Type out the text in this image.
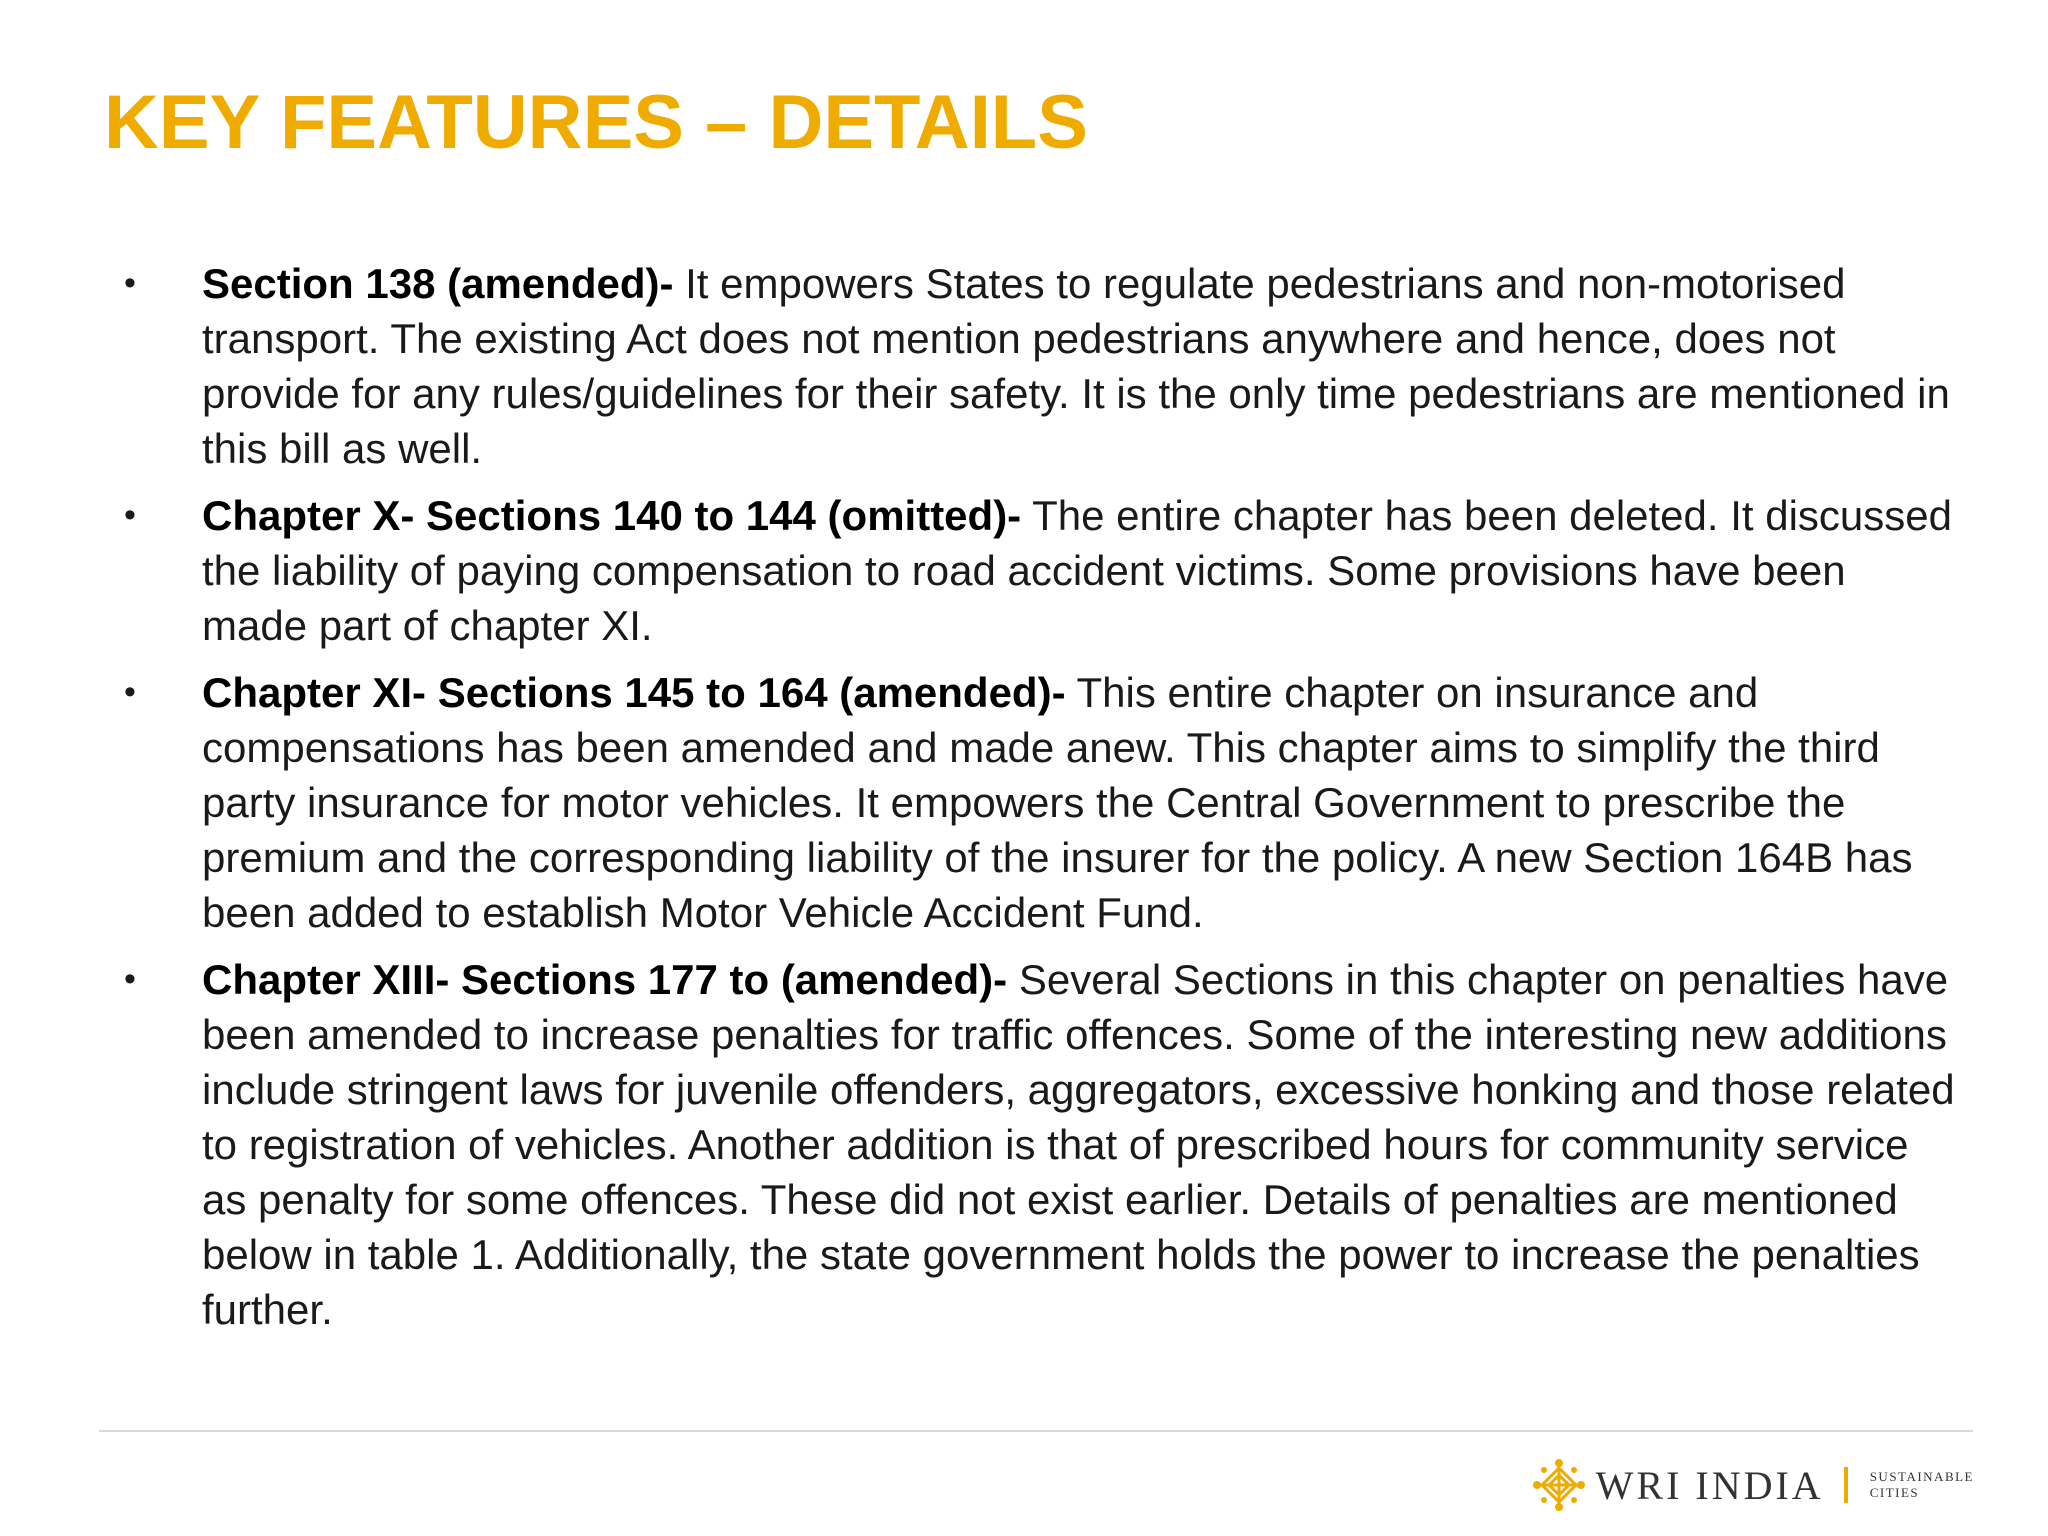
KEY FEATURES – DETAILS
• Section 138 (amended)- It empowers States to regulate pedestrians and non-motorised transport. The existing Act does not mention pedestrians anywhere and hence, does not provide for any rules/guidelines for their safety. It is the only time pedestrians are mentioned in this bill as well.
• Chapter X- Sections 140 to 144 (omitted)- The entire chapter has been deleted. It discussed the liability of paying compensation to road accident victims. Some provisions have been made part of chapter XI.
• Chapter XI- Sections 145 to 164 (amended)- This entire chapter on insurance and compensations has been amended and made anew. This chapter aims to simplify the third party insurance for motor vehicles. It empowers the Central Government to prescribe the premium and the corresponding liability of the insurer for the policy. A new Section 164B has been added to establish Motor Vehicle Accident Fund.
• Chapter XIII- Sections 177 to (amended)- Several Sections in this chapter on penalties have been amended to increase penalties for traffic offences. Some of the interesting new additions include stringent laws for juvenile offenders, aggregators, excessive honking and those related to registration of vehicles. Another addition is that of prescribed hours for community service as penalty for some offences. These did not exist earlier. Details of penalties are mentioned below in table 1. Additionally, the state government holds the power to increase the penalties further.
WRI INDIA	SUSTAINABLE
CITIES
